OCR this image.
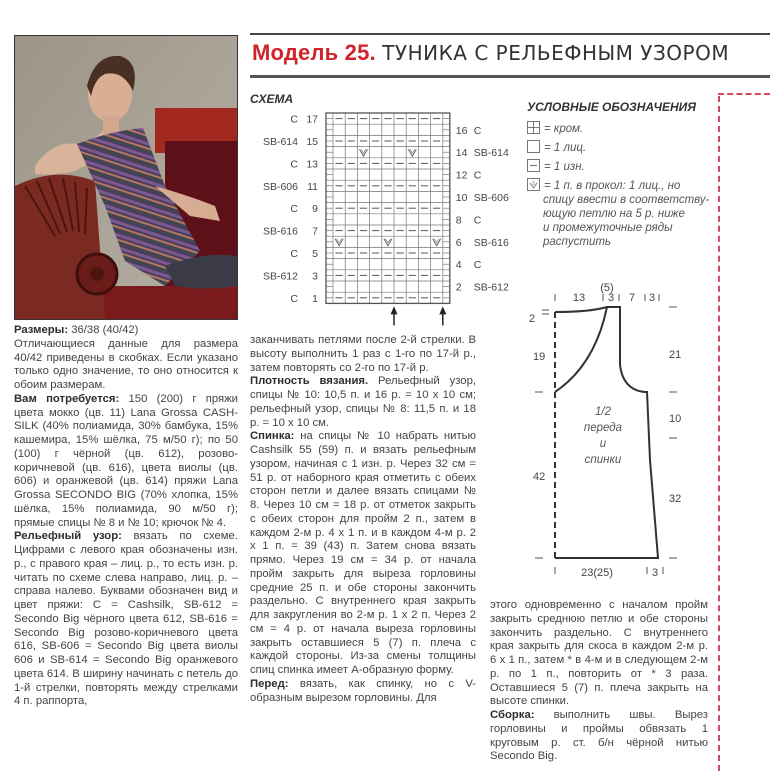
Модель 25. ТУНИКА С РЕЛЬЕФНЫМ УЗОРОМ
СХЕМА
C 17
SB-614 15
C 13
SB-606 11
C 9
SB-616 7
C 5
SB-612 3
C 1
16 C
14 SB-614
12 C
10 SB-606
8 C
6 SB-616
4 C
2 SB-612
УСЛОВНЫЕ ОБОЗНАЧЕНИЯ
= кром.
= 1 лиц.
= 1 изн.
5 = 1 п. в прокол: 1 лиц., но
спицу ввести в соответству-
ющую петлю на 5 р. ниже
и промежуточные ряды
распустить
(5)
13 3 7 3
2
19
42
21
10
32
23(25)	3
1/2
переда
и
спинки

Размеры: 36/38 (40/42)

Отличающиеся данные для размера 40/42 приведены в скобках. Если указано только одно значение, то оно относится к обоим размерам.

Вам потребуется: 150 (200) г пряжи цвета мокко (цв. 11) Lana Grossa CASH-SILK (40% полиамида, 30% бамбука, 15% кашемира, 15% шёлка, 75 м/50 г); по 50 (100) г чёрной (цв. 612), розово-коричневой (цв. 616), цвета виолы (цв. 606) и оранжевой (цв. 614) пряжи Lana Grossa SECONDO BIG (70% хлопка, 15% шёлка, 15% полиамида, 90 м/50 г); прямые спицы № 8 и № 10; крючок № 4.

Рельефный узор: вязать по схеме. Цифрами с левого края обозначены изн. р., с правого края – лиц. р., то есть изн. р. читать по схеме слева направо, лиц. р. – справа налево. Буквами обозначен вид и цвет пряжи: С = Cashsilk, SB-612 = Secondo Big чёрного цвета 612, SB-616 = Secondo Big розово-коричневого цвета 616, SB-606 = Secondo Big цвета виолы 606 и SB-614 = Secondo Big оранжевого цвета 614. В ширину начинать с петель до 1-й стрелки, повторять между стрелками 4 п. раппорта,

заканчивать петлями после 2-й стрелки. В высоту выполнить 1 раз с 1-го по 17-й р., затем повторять со 2-го по 17-й р.

Плотность вязания. Рельефный узор, спицы № 10: 10,5 п. и 16 р. = 10 х 10 см; рельефный узор, спицы № 8: 11,5 п. и 18 р. = 10 х 10 см.

Спинка: на спицы № 10 набрать нитью Cashsilk 55 (59) п. и вязать рельефным узором, начиная с 1 изн. р. Через 32 см = 51 р. от наборного края отметить с обеих сторон петли и далее вязать спицами № 8. Через 10 см = 18 р. от отметок закрыть с обеих сторон для пройм 2 п., затем в каждом 2-м р. 4 х 1 п. и в каждом 4-м р. 2 х 1 п. = 39 (43) п. Затем снова вязать прямо. Через 19 см = 34 р. от начала пройм закрыть для выреза горловины средние 25 п. и обе стороны закончить раздельно. С внутреннего края закрыть для закругления во 2-м р. 1 х 2 п. Через 2 см = 4 р. от начала выреза горловины закрыть оставшиеся 5 (7) п. плеча с каждой стороны. Из-за смены толщины спиц спинка имеет А-образную форму.

Перед: вязать, как спинку, но с V-образным вырезом горловины. Для

этого одновременно с началом пройм закрыть среднюю петлю и обе стороны закончить раздельно. С внутреннего края закрыть для скоса в каждом 2-м р. 6 х 1 п., затем * в 4-м и в следующем 2-м р. по 1 п., повторить от * 3 раза. Оставшиеся 5 (7) п. плеча закрыть на высоте спинки.

Сборка: выполнить швы. Вырез горловины и проймы обвязать 1 круговым р. ст. б/н чёрной нитью Secondo Big.
